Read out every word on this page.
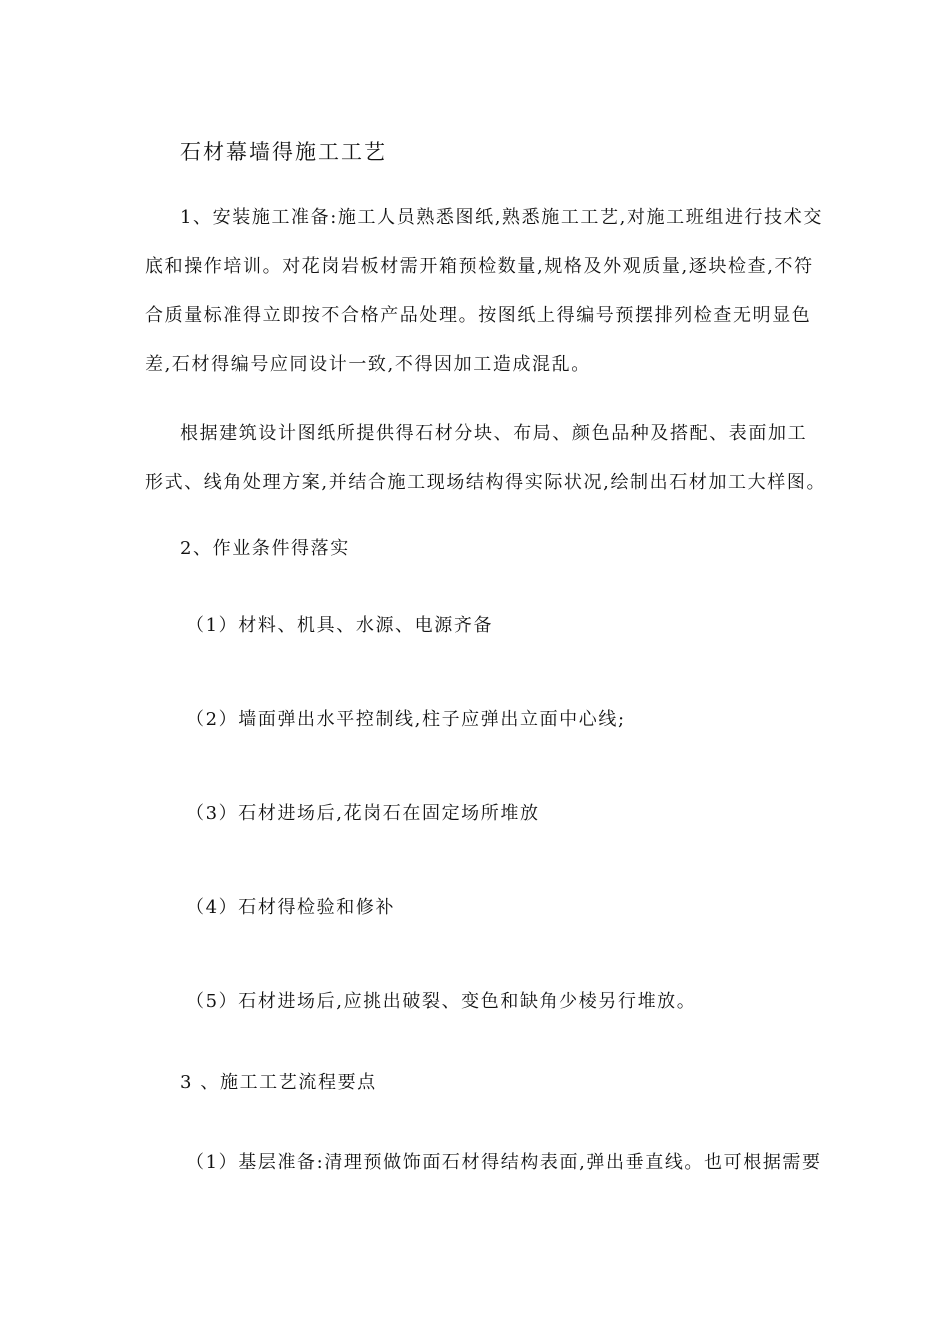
石材幕墙得施工工艺
1、安装施工准备:施工人员熟悉图纸,熟悉施工工艺,对施工班组进行技术交
底和操作培训。对花岗岩板材需开箱预检数量,规格及外观质量,逐块检查,不符
合质量标准得立即按不合格产品处理。按图纸上得编号预摆排列检查无明显色
差,石材得编号应同设计一致,不得因加工造成混乱。
根据建筑设计图纸所提供得石材分块、布局、颜色品种及搭配、表面加工
形式、线角处理方案,并结合施工现场结构得实际状况,绘制出石材加工大样图。
2、作业条件得落实
（1）材料、机具、水源、电源齐备
（2）墙面弹出水平控制线,柱子应弹出立面中心线;
（3）石材进场后,花岗石在固定场所堆放
（4）石材得检验和修补
（5）石材进场后,应挑出破裂、变色和缺角少棱另行堆放。
3 、施工工艺流程要点
（1）基层准备:清理预做饰面石材得结构表面,弹出垂直线。也可根据需要
